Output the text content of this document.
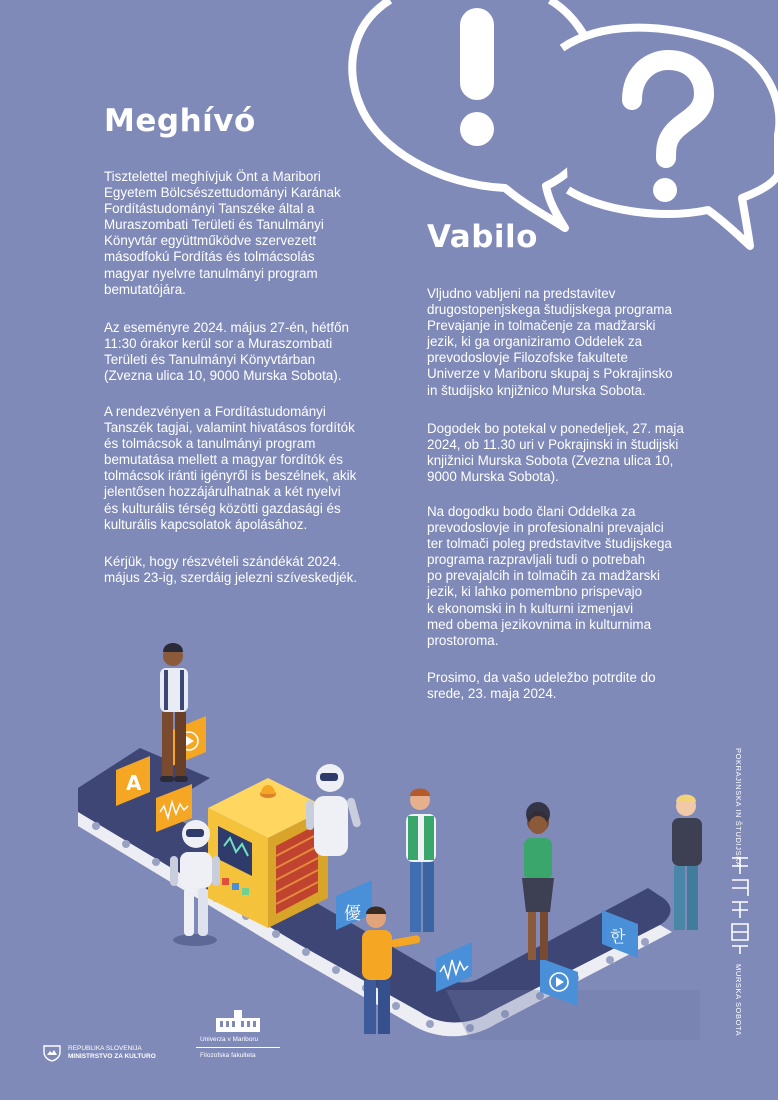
Meghívó

Tisztelettel meghívjuk Önt a Maribori
Egyetem Bölcsészettudományi Karának
Fordítástudományi Tanszéke által a
Muraszombati Területi és Tanulmányi
Könyvtár együttműködve szervezett
másodfokú Fordítás és tolmácsolás
magyar nyelvre tanulmányi program
bemutatójára.

Az eseményre 2024. május 27-én, hétfőn
11:30 órakor kerül sor a Muraszombati
Területi és Tanulmányi Könyvtárban
(Zvezna ulica 10, 9000 Murska Sobota).

A rendezvényen a Fordítástudományi
Tanszék tagjai, valamint hivatásos fordítók
és tolmácsok a tanulmányi program
bemutatása mellett a magyar fordítók és
tolmácsok iránti igényről is beszélnek, akik
jelentősen hozzájárulhatnak a két nyelvi
és kulturális térség közötti gazdasági és
kulturális kapcsolatok ápolásához.

Kérjük, hogy részvételi szándékát 2024.
május 23-ig, szerdáig jelezni szíveskedjék.

Vabilo

Vljudno vabljeni na predstavitev
drugostopenjskega študijskega programa
Prevajanje in tolmačenje za madžarski
jezik, ki ga organiziramo Oddelek za
prevodoslovje Filozofske fakultete
Univerze v Mariboru skupaj s Pokrajinsko
in študijsko knjižnico Murska Sobota.

Dogodek bo potekal v ponedeljek, 27. maja
2024, ob 11.30 uri v Pokrajinski in študijski
knjižnici Murska Sobota (Zvezna ulica 10,
9000 Murska Sobota).

Na dogodku bodo člani Oddelka za
prevodoslovje in profesionalni prevajalci
ter tolmači poleg predstavitve študijskega
programa razpravljali tudi o potrebah
po prevajalcih in tolmačih za madžarski
jezik, ki lahko pomembno prispevajo
k ekonomski in h kulturni izmenjavi
med obema jezikovnima in kulturnima
prostoroma.

Prosimo, da vašo udeležbo potrdite do
srede, 23. maja 2024.

A
優
한
POKRAJINSKA IN ŠTUDIJSKA
MURSKA SOBOTA
REPUBLIKA SLOVENIJA
MINISTRSTVO ZA KULTURO
Univerza v Mariboru
Filozofska fakulteta
